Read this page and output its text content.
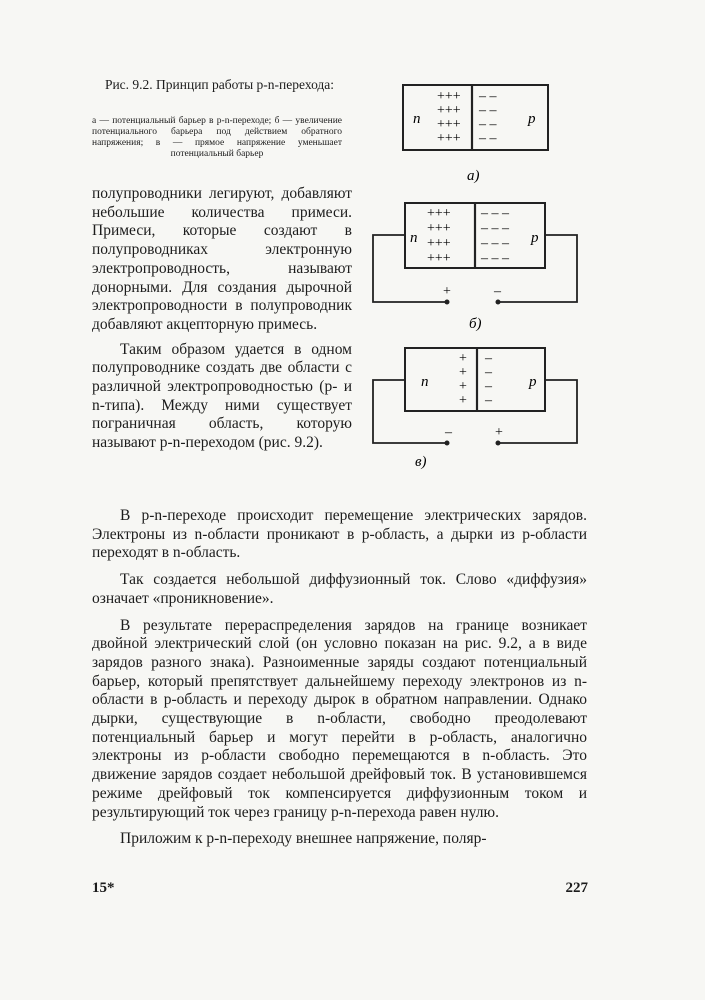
Рис. 9.2. Принцип работы p-n-перехода:
а — потенциальный барьер в p-n-переходе; б — увеличение потенциального барьера под действием обратного напряжения; в — прямое напряжение уменьшает потенциальный барьер
n	p
+++
+++
+++
+++
– –
– –
– –
– –
а)
n	p
+++
+++
+++
+++
– – –
– – –
– – –
– – –
+	–
б)
n	p
+
+
+
+
–
–
–
–
–	+
в)

полупроводники легируют, добавляют небольшие количества примеси. Примеси, которые создают в полупроводниках электронную электропроводность, называют донорными. Для создания дырочной электропроводности в полупроводник добавляют акцепторную примесь.

Таким образом удается в одном полупроводнике создать две области с различной электропроводностью (p- и n-типа). Между ними существует пограничная область, которую называют p-n-переходом (рис. 9.2).

В p-n-переходе происходит перемещение электрических зарядов. Электроны из n-области проникают в p-область, а дырки из p-области переходят в n-область.

Так создается небольшой диффузионный ток. Слово «диффузия» означает «проникновение».

В результате перераспределения зарядов на границе возникает двойной электрический слой (он условно показан на рис. 9.2, а в виде зарядов разного знака). Разноименные заряды создают потенциальный барьер, который препятствует дальнейшему переходу электронов из n-области в p-область и переходу дырок в обратном направлении. Однако дырки, существующие в n-области, свободно преодолевают потенциальный барьер и могут перейти в p-область, аналогично электроны из p-области свободно перемещаются в n-область. Это движение зарядов создает небольшой дрейфовый ток. В установившемся режиме дрейфовый ток компенсируется диффузионным током и результирующий ток через границу p-n-перехода равен нулю.

Приложим к p-n-переходу внешнее напряжение, поляр-

15*	227
